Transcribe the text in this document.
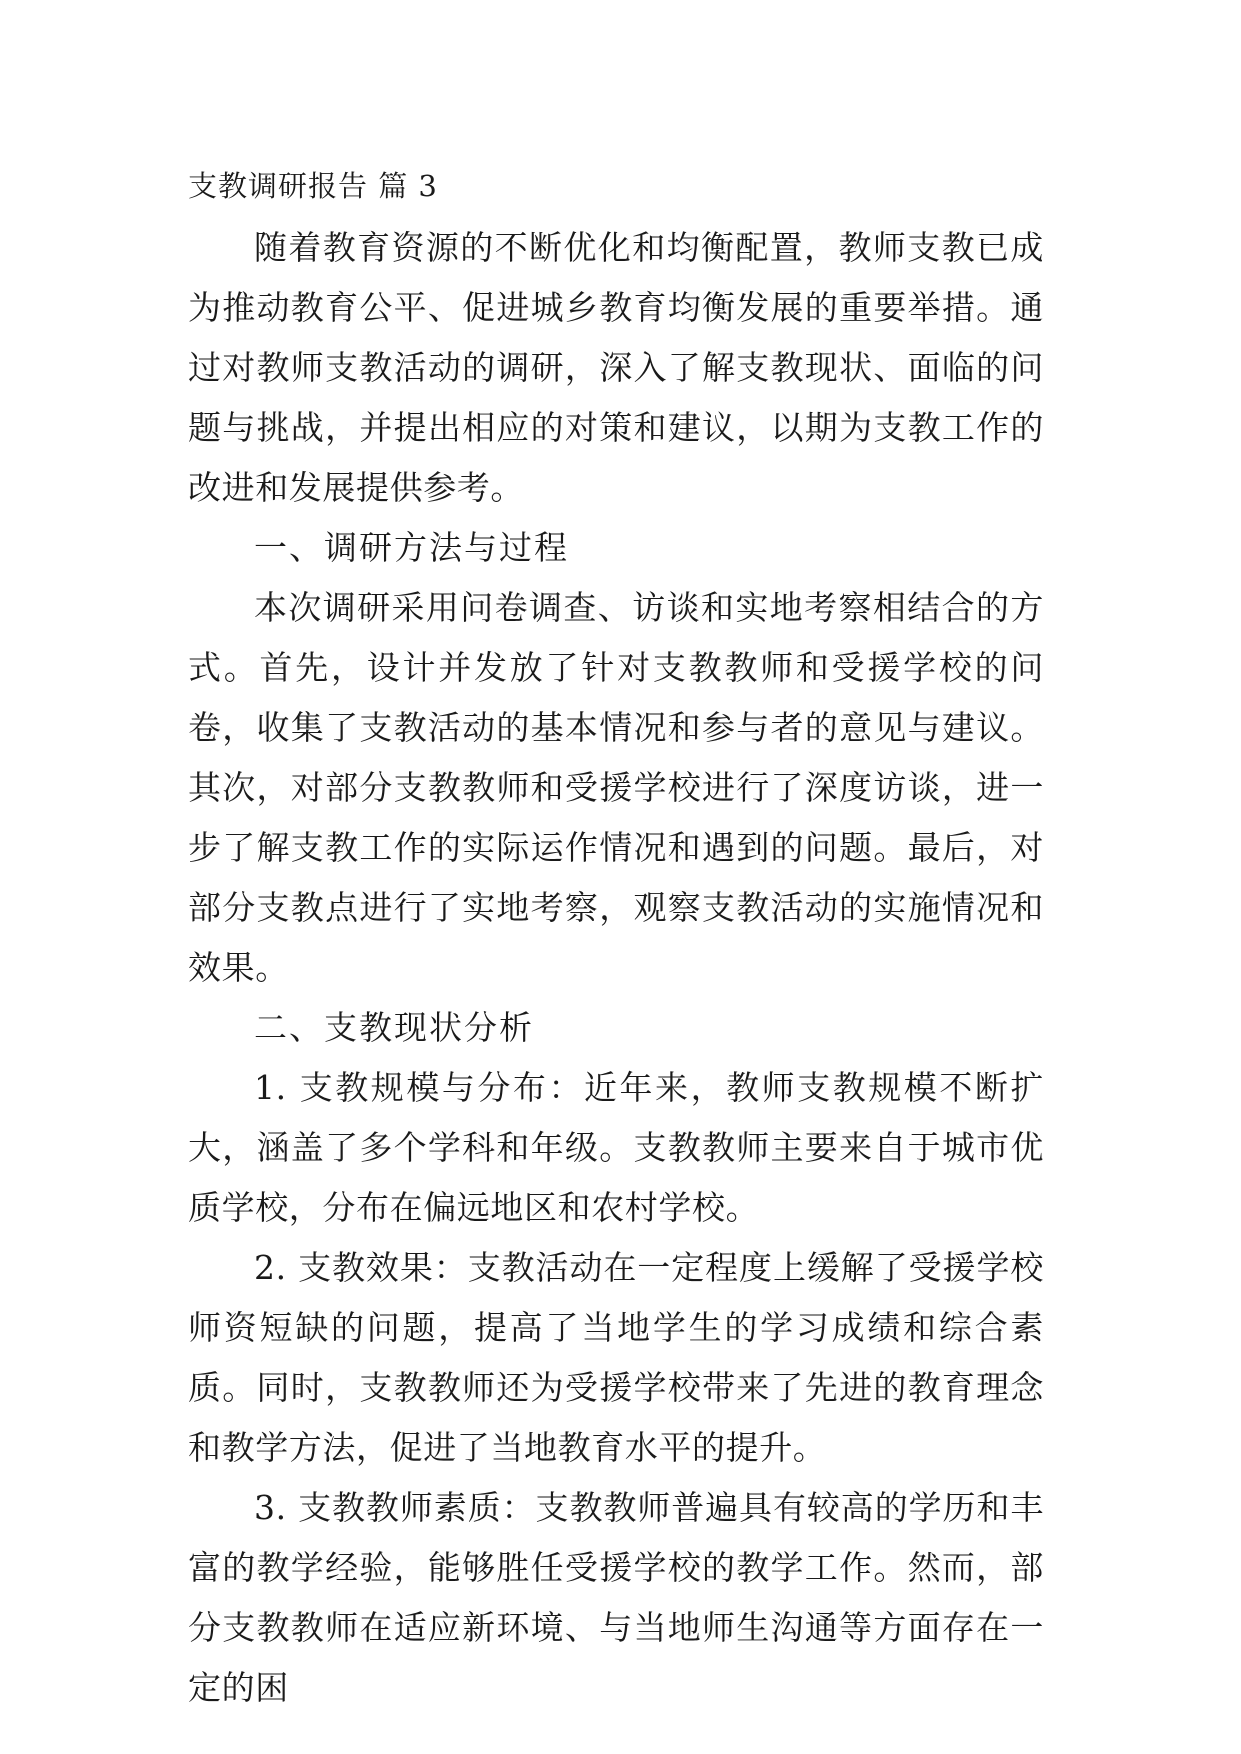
支教调研报告 篇 3

随着教育资源的不断优化和均衡配置，教师支教已成为推动教育公平、促进城乡教育均衡发展的重要举措。通过对教师支教活动的调研，深入了解支教现状、面临的问题与挑战，并提出相应的对策和建议，以期为支教工作的改进和发展提供参考。

一、调研方法与过程

本次调研采用问卷调查、访谈和实地考察相结合的方式。首先，设计并发放了针对支教教师和受援学校的问卷，收集了支教活动的基本情况和参与者的意见与建议。其次，对部分支教教师和受援学校进行了深度访谈，进一步了解支教工作的实际运作情况和遇到的问题。最后，对部分支教点进行了实地考察，观察支教活动的实施情况和效果。

二、支教现状分析

1. 支教规模与分布：近年来，教师支教规模不断扩大，涵盖了多个学科和年级。支教教师主要来自于城市优质学校，分布在偏远地区和农村学校。

2. 支教效果：支教活动在一定程度上缓解了受援学校师资短缺的问题，提高了当地学生的学习成绩和综合素质。同时，支教教师还为受援学校带来了先进的教育理念和教学方法，促进了当地教育水平的提升。

3. 支教教师素质：支教教师普遍具有较高的学历和丰富的教学经验，能够胜任受援学校的教学工作。然而，部分支教教师在适应新环境、与当地师生沟通等方面存在一定的困
